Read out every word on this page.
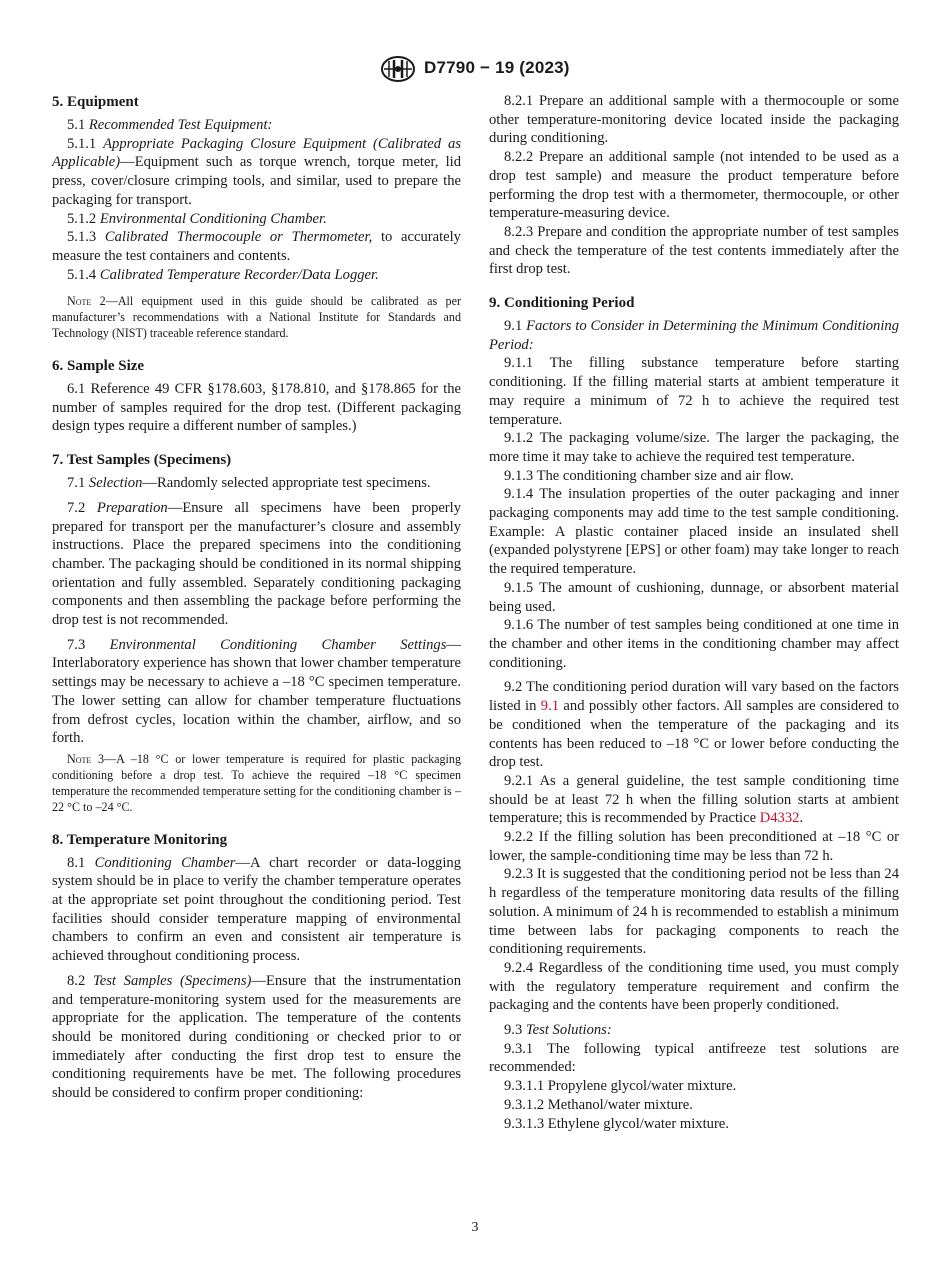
D7790 − 19 (2023)
5. Equipment

5.1 Recommended Test Equipment:

5.1.1 Appropriate Packaging Closure Equipment (Calibrated as Applicable)—Equipment such as torque wrench, torque meter, lid press, cover/closure crimping tools, and similar, used to prepare the packaging for transport.

5.1.2 Environmental Conditioning Chamber.

5.1.3 Calibrated Thermocouple or Thermometer, to accurately measure the test containers and contents.

5.1.4 Calibrated Temperature Recorder/Data Logger.

Note 2—All equipment used in this guide should be calibrated as per manufacturer’s recommendations with a National Institute for Standards and Technology (NIST) traceable reference standard.

6. Sample Size

6.1 Reference 49 CFR §178.603, §178.810, and §178.865 for the number of samples required for the drop test. (Different packaging design types require a different number of samples.)

7. Test Samples (Specimens)

7.1 Selection—Randomly selected appropriate test specimens.

7.2 Preparation—Ensure all specimens have been properly prepared for transport per the manufacturer’s closure and assembly instructions. Place the prepared specimens into the conditioning chamber. The packaging should be conditioned in its normal shipping orientation and fully assembled. Separately conditioning packaging components and then assembling the package before performing the drop test is not recommended.

7.3 Environmental Conditioning Chamber Settings—Interlaboratory experience has shown that lower chamber temperature settings may be necessary to achieve a –18 °C specimen temperature. The lower setting can allow for chamber temperature fluctuations from defrost cycles, location within the chamber, airflow, and so forth.

Note 3—A –18 °C or lower temperature is required for plastic packaging conditioning before a drop test. To achieve the required –18 °C specimen temperature the recommended temperature setting for the conditioning chamber is –22 °C to –24 °C.

8. Temperature Monitoring

8.1 Conditioning Chamber—A chart recorder or data-logging system should be in place to verify the chamber temperature operates at the appropriate set point throughout the conditioning period. Test facilities should consider temperature mapping of environmental chambers to confirm an even and consistent air temperature is achieved throughout conditioning process.

8.2 Test Samples (Specimens)—Ensure that the instrumentation and temperature-monitoring system used for the measurements are appropriate for the application. The temperature of the contents should be monitored during conditioning or checked prior to or immediately after conducting the first drop test to ensure the conditioning requirements have be met. The following procedures should be considered to confirm proper conditioning:

8.2.1 Prepare an additional sample with a thermocouple or some other temperature-monitoring device located inside the packaging during conditioning.

8.2.2 Prepare an additional sample (not intended to be used as a drop test sample) and measure the product temperature before performing the drop test with a thermometer, thermocouple, or other temperature-measuring device.

8.2.3 Prepare and condition the appropriate number of test samples and check the temperature of the test contents immediately after the first drop test.

9. Conditioning Period

9.1 Factors to Consider in Determining the Minimum Conditioning Period:

9.1.1 The filling substance temperature before starting conditioning. If the filling material starts at ambient temperature it may require a minimum of 72 h to achieve the required test temperature.

9.1.2 The packaging volume/size. The larger the packaging, the more time it may take to achieve the required test temperature.

9.1.3 The conditioning chamber size and air flow.

9.1.4 The insulation properties of the outer packaging and inner packaging components may add time to the test sample conditioning. Example: A plastic container placed inside an insulated shell (expanded polystyrene [EPS] or other foam) may take longer to reach the required temperature.

9.1.5 The amount of cushioning, dunnage, or absorbent material being used.

9.1.6 The number of test samples being conditioned at one time in the chamber and other items in the conditioning chamber may affect conditioning.

9.2 The conditioning period duration will vary based on the factors listed in 9.1 and possibly other factors. All samples are considered to be conditioned when the temperature of the packaging and its contents has been reduced to –18 °C or lower before conducting the drop test.

9.2.1 As a general guideline, the test sample conditioning time should be at least 72 h when the filling solution starts at ambient temperature; this is recommended by Practice D4332.

9.2.2 If the filling solution has been preconditioned at –18 °C or lower, the sample-conditioning time may be less than 72 h.

9.2.3 It is suggested that the conditioning period not be less than 24 h regardless of the temperature monitoring data results of the filling solution. A minimum of 24 h is recommended to establish a minimum time between labs for packaging components to reach the conditioning requirements.

9.2.4 Regardless of the conditioning time used, you must comply with the regulatory temperature requirement and confirm the packaging and the contents have been properly conditioned.

9.3 Test Solutions:

9.3.1 The following typical antifreeze test solutions are recommended:

9.3.1.1 Propylene glycol/water mixture.

9.3.1.2 Methanol/water mixture.

9.3.1.3 Ethylene glycol/water mixture.

3
